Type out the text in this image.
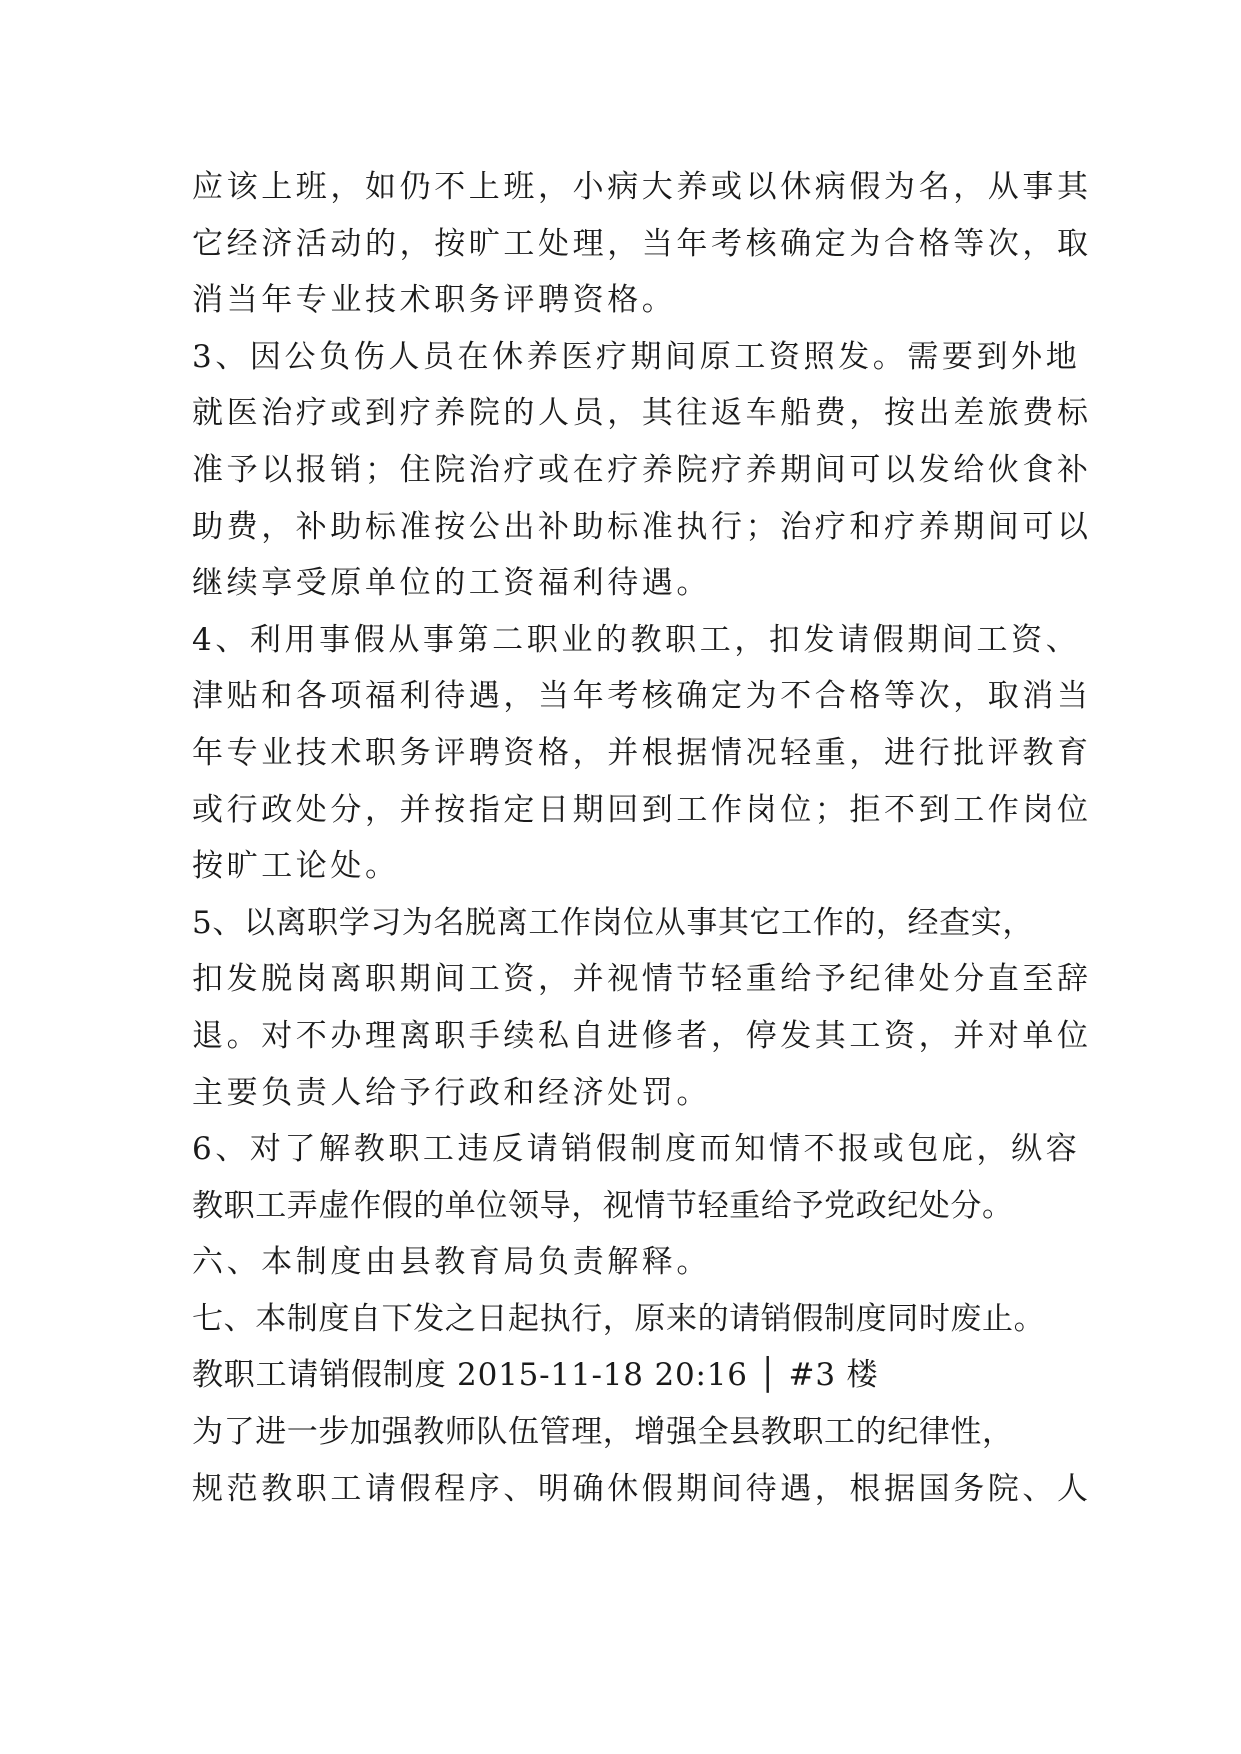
应该上班，如仍不上班，小病大养或以休病假为名，从事其
它经济活动的，按旷工处理，当年考核确定为合格等次，取
消当年专业技术职务评聘资格。
3、因公负伤人员在休养医疗期间原工资照发。需要到外地
就医治疗或到疗养院的人员，其往返车船费，按出差旅费标
准予以报销；住院治疗或在疗养院疗养期间可以发给伙食补
助费，补助标准按公出补助标准执行；治疗和疗养期间可以
继续享受原单位的工资福利待遇。
4、利用事假从事第二职业的教职工，扣发请假期间工资、
津贴和各项福利待遇，当年考核确定为不合格等次，取消当
年专业技术职务评聘资格，并根据情况轻重，进行批评教育
或行政处分，并按指定日期回到工作岗位；拒不到工作岗位
按旷工论处。
5、以离职学习为名脱离工作岗位从事其它工作的，经查实，
扣发脱岗离职期间工资，并视情节轻重给予纪律处分直至辞
退。对不办理离职手续私自进修者，停发其工资，并对单位
主要负责人给予行政和经济处罚。
6、对了解教职工违反请销假制度而知情不报或包庇，纵容
教职工弄虚作假的单位领导，视情节轻重给予党政纪处分。
六、本制度由县教育局负责解释。
七、本制度自下发之日起执行，原来的请销假制度同时废止。
教职工请销假制度 2015-11-18 20:16 │ #3 楼
为了进一步加强教师队伍管理，增强全县教职工的纪律性，
规范教职工请假程序、明确休假期间待遇，根据国务院、人
